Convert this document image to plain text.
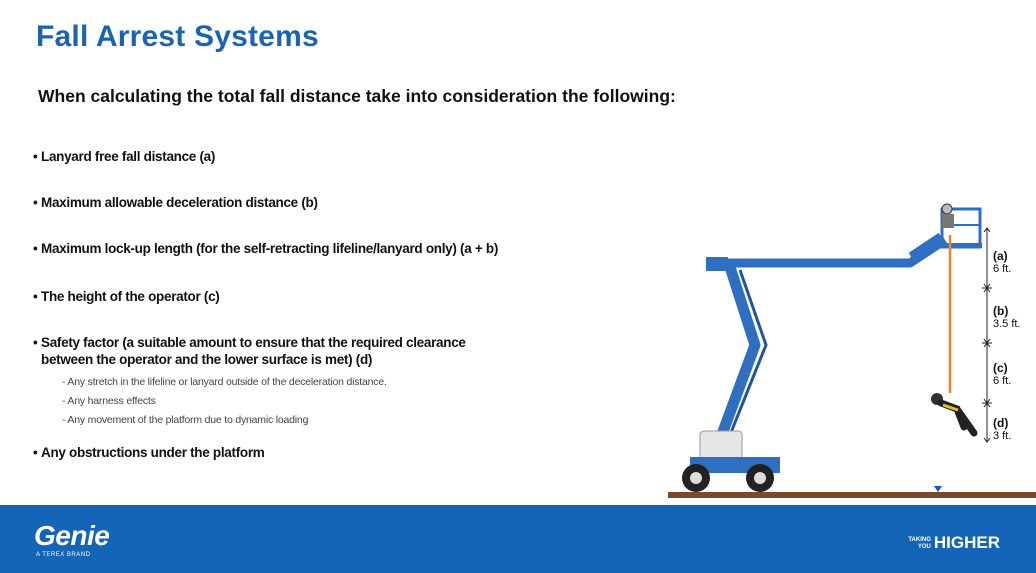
Fall Arrest Systems
When calculating the total fall distance take into consideration the following:
• Lanyard free fall distance (a)
• Maximum allowable deceleration distance (b)
• Maximum lock-up length (for the self-retracting lifeline/lanyard only) (a + b)
• The height of the operator (c)
• Safety factor (a suitable amount to ensure that the required clearance
between the operator and the lower surface is met) (d)
- Any stretch in the lifeline or lanyard outside of the deceleration distance.
- Any harness effects
- Any movement of the platform due to dynamic loading
• Any obstructions under the platform
(a)
6 ft.
(b)
3.5 ft.
(c)
6 ft.
(d)
3 ft.
Genie
A TEREX BRAND
TAKING
YOU HIGHER
